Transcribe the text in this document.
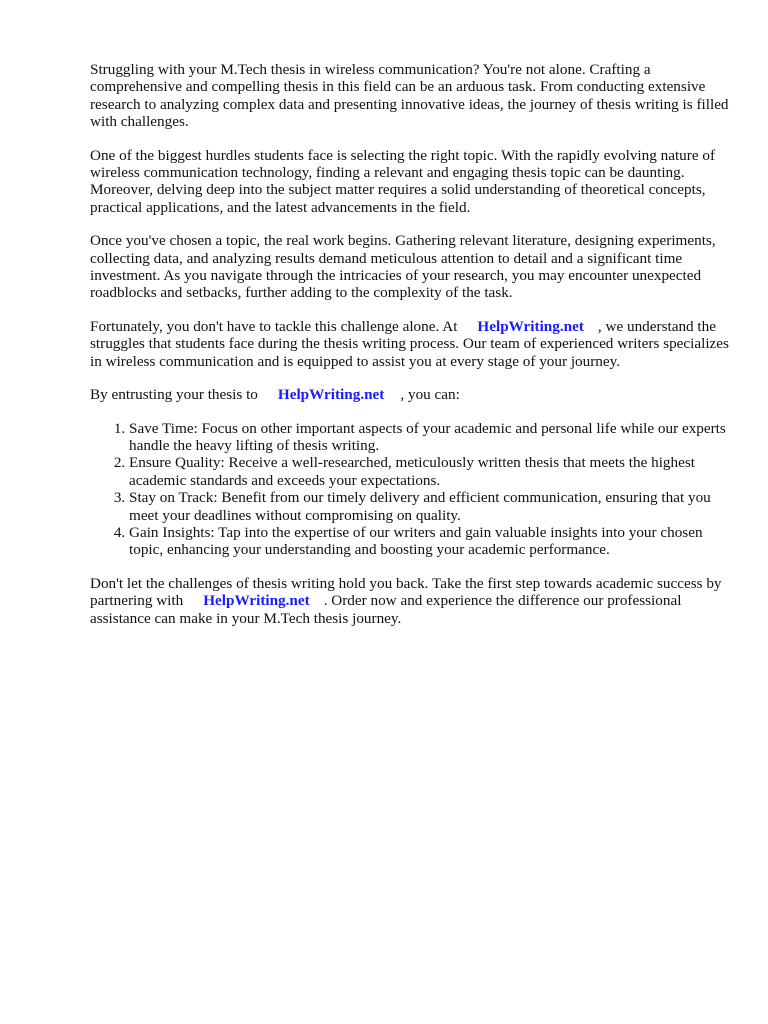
Struggling with your M.Tech thesis in wireless communication? You're not alone. Crafting a comprehensive and compelling thesis in this field can be an arduous task. From conducting extensive research to analyzing complex data and presenting innovative ideas, the journey of thesis writing is filled with challenges.

One of the biggest hurdles students face is selecting the right topic. With the rapidly evolving nature of wireless communication technology, finding a relevant and engaging thesis topic can be daunting. Moreover, delving deep into the subject matter requires a solid understanding of theoretical concepts, practical applications, and the latest advancements in the field.

Once you've chosen a topic, the real work begins. Gathering relevant literature, designing experiments, collecting data, and analyzing results demand meticulous attention to detail and a significant time investment. As you navigate through the intricacies of your research, you may encounter unexpected roadblocks and setbacks, further adding to the complexity of the task.

Fortunately, you don't have to tackle this challenge alone. At HelpWriting.net , we understand the struggles that students face during the thesis writing process. Our team of experienced writers specializes in wireless communication and is equipped to assist you at every stage of your journey.

By entrusting your thesis to HelpWriting.net , you can:

1. Save Time: Focus on other important aspects of your academic and personal life while our experts handle the heavy lifting of thesis writing.
2. Ensure Quality: Receive a well-researched, meticulously written thesis that meets the highest academic standards and exceeds your expectations.
3. Stay on Track: Benefit from our timely delivery and efficient communication, ensuring that you meet your deadlines without compromising on quality.
4. Gain Insights: Tap into the expertise of our writers and gain valuable insights into your chosen topic, enhancing your understanding and boosting your academic performance.

Don't let the challenges of thesis writing hold you back. Take the first step towards academic success by partnering with HelpWriting.net . Order now and experience the difference our professional assistance can make in your M.Tech thesis journey.
